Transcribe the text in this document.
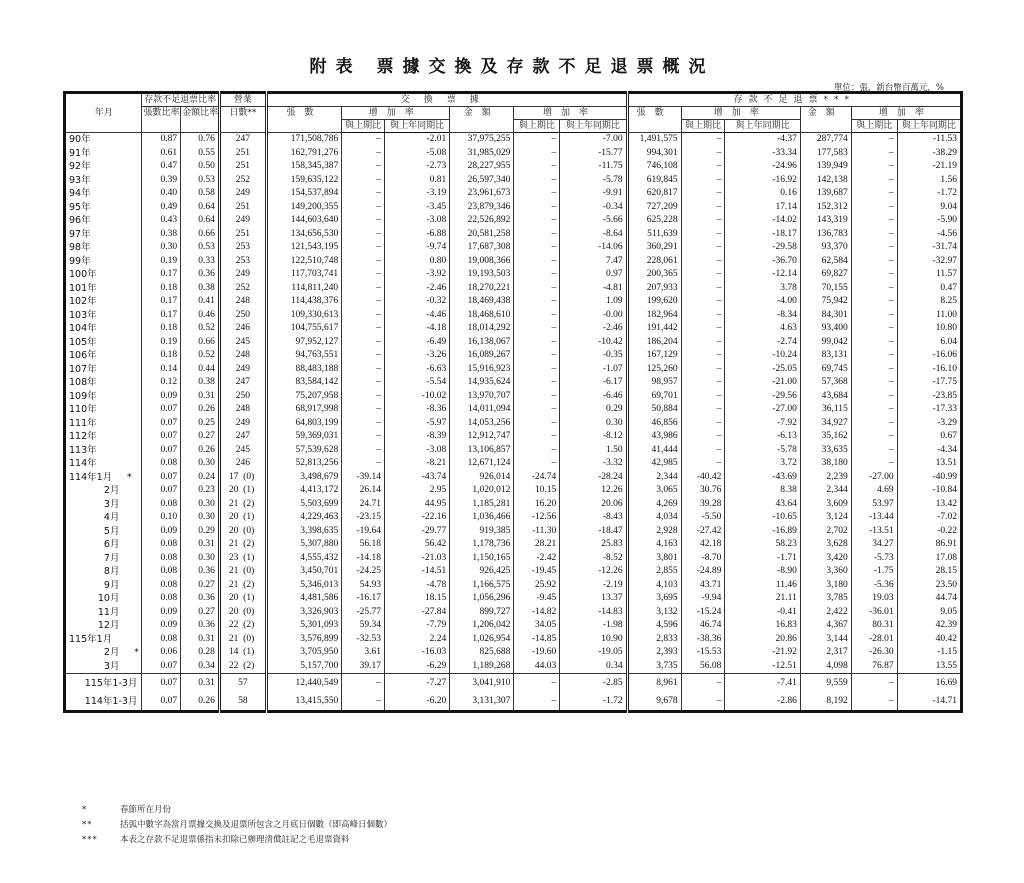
附表 票據交換及存款不足退票概況
單位：張，新台幣百萬元，%
年月	存款不足退票比率		營業	交換票據						存款不足退票***					
	張數比率	金額比率	日數**	張數	增加率		金額	增加率		張數	增加率		金額	增加率	
					與上期比	與上年同期比		與上期比	與上年同期比		與上期比	與上年同期比		與上期比	與上年同期比
90年	0.87	0.76	247	171,508,786	–	-2.01	37,975,255	–	-7.00	1,491,575	–	-4.37	287,774	–	-11.53
91年	0.61	0.55	251	162,791,276	–	-5.08	31,985,029	–	-15.77	994,301	–	-33.34	177,583	–	-38.29
92年	0.47	0.50	251	158,345,387	–	-2.73	28,227,955	–	-11.75	746,108	–	-24.96	139,949	–	-21.19
93年	0.39	0.53	252	159,635,122	–	0.81	26,597,340	–	-5.78	619,845	–	-16.92	142,138	–	1.56
94年	0.40	0.58	249	154,537,894	–	-3.19	23,961,673	–	-9.91	620,817	–	0.16	139,687	–	-1.72
95年	0.49	0.64	251	149,200,355	–	-3.45	23,879,346	–	-0.34	727,209	–	17.14	152,312	–	9.04
96年	0.43	0.64	249	144,603,640	–	-3.08	22,526,892	–	-5.66	625,228	–	-14.02	143,319	–	-5.90
97年	0.38	0.66	251	134,656,530	–	-6.88	20,581,258	–	-8.64	511,639	–	-18.17	136,783	–	-4.56
98年	0.30	0.53	253	121,543,195	–	-9.74	17,687,308	–	-14.06	360,291	–	-29.58	93,370	–	-31.74
99年	0.19	0.33	253	122,510,748	–	0.80	19,008,366	–	7.47	228,061	–	-36.70	62,584	–	-32.97
100年	0.17	0.36	249	117,703,741	–	-3.92	19,193,503	–	0.97	200,365	–	-12.14	69,827	–	11.57
101年	0.18	0.38	252	114,811,240	–	-2.46	18,270,221	–	-4.81	207,933	–	3.78	70,155	–	0.47
102年	0.17	0.41	248	114,438,376	–	-0.32	18,469,438	–	1.09	199,620	–	-4.00	75,942	–	8.25
103年	0.17	0.46	250	109,330,613	–	-4.46	18,468,610	–	-0.00	182,964	–	-8.34	84,301	–	11.00
104年	0.18	0.52	246	104,755,617	–	-4.18	18,014,292	–	-2.46	191,442	–	4.63	93,400	–	10.80
105年	0.19	0.66	245	97,952,127	–	-6.49	16,138,067	–	-10.42	186,204	–	-2.74	99,042	–	6.04
106年	0.18	0.52	248	94,763,551	–	-3.26	16,089,267	–	-0.35	167,129	–	-10.24	83,131	–	-16.06
107年	0.14	0.44	249	88,483,188	–	-6.63	15,916,923	–	-1.07	125,260	–	-25.05	69,745	–	-16.10
108年	0.12	0.38	247	83,584,142	–	-5.54	14,935,624	–	-6.17	98,957	–	-21.00	57,368	–	-17.75
109年	0.09	0.31	250	75,207,958	–	-10.02	13,970,707	–	-6.46	69,701	–	-29.56	43,684	–	-23.85
110年	0.07	0.26	248	68,917,998	–	-8.36	14,011,094	–	0.29	50,884	–	-27.00	36,115	–	-17.33
111年	0.07	0.25	249	64,803,199	–	-5.97	14,053,256	–	0.30	46,856	–	-7.92	34,927	–	-3.29
112年	0.07	0.27	247	59,369,031	–	-8.39	12,912,747	–	-8.12	43,986	–	-6.13	35,162	–	0.67
113年	0.07	0.26	245	57,539,628	–	-3.08	13,106,857	–	1.50	41,444	–	-5.78	33,635	–	-4.34
114年	0.08	0.30	246	52,813,256	–	-8.21	12,671,124	–	-3.32	42,985	–	3.72	38,180	–	13.51
114年1月 *	0.07	0.24	17  (0)	3,498,679	-39.14	-43.74	926,014	-24.74	-28.24	2,344	-40.42	-43.69	2,239	-27.00	-40.99
2月	0.07	0.23	20  (1)	4,413,172	26.14	2.95	1,020,012	10.15	12.26	3,065	30.76	8.38	2,344	4.69	-10.84
3月	0.08	0.30	21  (2)	5,503,699	24.71	44.95	1,185,281	16.20	20.06	4,269	39.28	43.64	3,609	53.97	13.42
4月	0.10	0.30	20  (1)	4,229,463	-23.15	-22.16	1,036,466	-12.56	-8.43	4,034	-5.50	-10.65	3,124	-13.44	-7.02
5月	0.09	0.29	20  (0)	3,398,635	-19.64	-29.77	919,385	-11.30	-18.47	2,928	-27.42	-16.89	2,702	-13.51	-0.22
6月	0.08	0.31	21  (2)	5,307,880	56.18	56.42	1,178,736	28.21	25.83	4,163	42.18	58.23	3,628	34.27	86.91
7月	0.08	0.30	23  (1)	4,555,432	-14.18	-21.03	1,150,165	-2.42	-8.52	3,801	-8.70	-1.71	3,420	-5.73	17.08
8月	0.08	0.36	21  (0)	3,450,701	-24.25	-14.51	926,425	-19.45	-12.26	2,855	-24.89	-8.90	3,360	-1.75	28.15
9月	0.08	0.27	21  (2)	5,346,013	54.93	-4.78	1,166,575	25.92	-2.19	4,103	43.71	11.46	3,180	-5.36	23.50
10月	0.08	0.36	20  (1)	4,481,586	-16.17	18.15	1,056,296	-9.45	13.37	3,695	-9.94	21.11	3,785	19.03	44.74
11月	0.09	0.27	20  (0)	3,326,903	-25.77	-27.84	899,727	-14.82	-14.83	3,132	-15.24	-0.41	2,422	-36.01	9.05
12月	0.09	0.36	22  (2)	5,301,093	59.34	-7.79	1,206,042	34.05	-1.98	4,596	46.74	16.83	4,367	80.31	42.39
115年1月	0.08	0.31	21  (0)	3,576,899	-32.53	2.24	1,026,954	-14.85	10.90	2,833	-38.36	20.86	3,144	-28.01	40.42
2月 *	0.06	0.28	14  (1)	3,705,950	3.61	-16.03	825,688	-19.60	-19.05	2,393	-15.53	-21.92	2,317	-26.30	-1.15
3月	0.07	0.34	22  (2)	5,157,700	39.17	-6.29	1,189,268	44.03	0.34	3,735	56.08	-12.51	4,098	76.87	13.55
115年1-3月	0.07	0.31	57	12,440,549	–	-7.27	3,041,910	–	-2.85	8,961	–	-7.41	9,559	–	16.69
114年1-3月	0.07	0.26	58	13,415,550	–	-6.20	3,131,307	–	-1.72	9,678	–	-2.86	8,192	–	-14.71
*	春節所在月份
**	括弧中數字為當月票據交換及退票所包含之月底日個數（即高峰日個數）
***	本表之存款不足退票係指未扣除已辦理清償註記之毛退票資料
